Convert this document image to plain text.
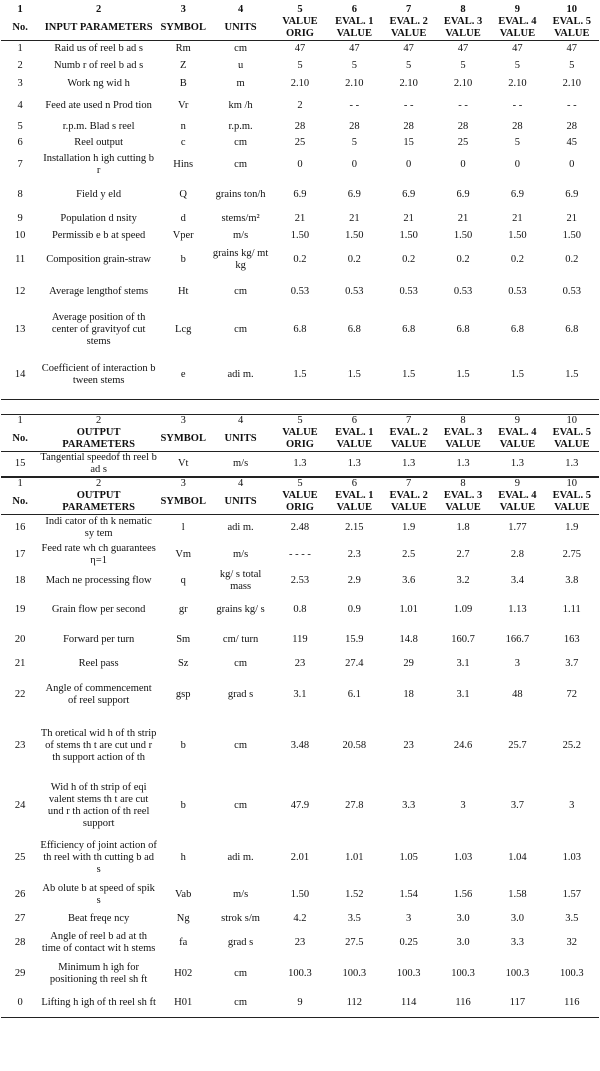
1	2	3	4	5	6	7	8	9	10
No.	INPUT PARAMETERS	SYMBOL	UNITS	VALUE ORIG	EVAL. 1 VALUE	EVAL. 2 VALUE	EVAL. 3 VALUE	EVAL. 4 VALUE	EVAL. 5 VALUE
1	Raid us of reel b ad s	Rm	cm	47	47	47	47	47	47
2	Numb r of reel b ad s	Z	u	5	5	5	5	5	5
3	Work ng wid h	B	m	2.10	2.10	2.10	2.10	2.10	2.10
4	Feed ate used n Prod tion	Vr	km /h	2	- -	- -	- -	- -	- -
5	r.p.m. Blad s reel	n	r.p.m.	28	28	28	28	28	28
6	Reel output	c	cm	25	5	15	25	5	45
7	Installation h igh cutting b r	Hins	cm	0	0	0	0	0	0
8	Field y eld	Q	grains ton/h	6.9	6.9	6.9	6.9	6.9	6.9
9	Population d nsity	d	stems/m²	21	21	21	21	21	21
10	Permissib e b at speed	Vper	m/s	1.50	1.50	1.50	1.50	1.50	1.50
11	Composition grain-straw	b	grains kg/ mt kg	0.2	0.2	0.2	0.2	0.2	0.2
12	Average lengthof stems	Ht	cm	0.53	0.53	0.53	0.53	0.53	0.53
13	Average position of th center of gravityof cut stems	Lcg	cm	6.8	6.8	6.8	6.8	6.8	6.8
14	Coefficient of interaction b tween stems	e	adi m.	1.5	1.5	1.5	1.5	1.5	1.5
1	2	3	4	5	6	7	8	9	10
No.	OUTPUT PARAMETERS	SYMBOL	UNITS	VALUE ORIG	EVAL. 1 VALUE	EVAL. 2 VALUE	EVAL. 3 VALUE	EVAL. 4 VALUE	EVAL. 5 VALUE
15	Tangential speedof th reel b ad s	Vt	m/s	1.3	1.3	1.3	1.3	1.3	1.3
1	2	3	4	5	6	7	8	9	10
No.	OUTPUT PARAMETERS	SYMBOL	UNITS	VALUE ORIG	EVAL. 1 VALUE	EVAL. 2 VALUE	EVAL. 3 VALUE	EVAL. 4 VALUE	EVAL. 5 VALUE
16	Indi cator of th k nematic sy tem	l	adi m.	2.48	2.15	1.9	1.8	1.77	1.9
17	Feed rate wh ch guarantees η=1	Vm	m/s	- - - -	2.3	2.5	2.7	2.8	2.75
18	Mach ne processing flow	q	kg/ s total mass	2.53	2.9	3.6	3.2	3.4	3.8
19	Grain flow per second	gr	grains kg/ s	0.8	0.9	1.01	1.09	1.13	1.11
20	Forward per turn	Sm	cm/ turn	119	15.9	14.8	160.7	166.7	163
21	Reel pass	Sz	cm	23	27.4	29	3.1	3	3.7
22	Angle of commencement of reel support	gsp	grad s	3.1	6.1	18	3.1	48	72
23	Th oretical wid h of th strip of stems th t are cut und r th support action of th	b	cm	3.48	20.58	23	24.6	25.7	25.2
24	Wid h of th strip of eqi valent stems th t are cut und r th action of th reel support	b	cm	47.9	27.8	3.3	3	3.7	3
25	Efficiency of joint action of th reel with th cutting b ad s	h	adi m.	2.01	1.01	1.05	1.03	1.04	1.03
26	Ab olute b at speed of spik s	Vab	m/s	1.50	1.52	1.54	1.56	1.58	1.57
27	Beat freqe ncy	Ng	strok s/m	4.2	3.5	3	3.0	3.0	3.5
28	Angle of reel b ad at th time of contact wit h stems	fa	grad s	23	27.5	0.25	3.0	3.3	32
29	Minimum h igh for positioning th reel sh ft	H02	cm	100.3	100.3	100.3	100.3	100.3	100.3
0	Lifting h igh of th reel sh ft	H01	cm	9	112	114	116	117	116
